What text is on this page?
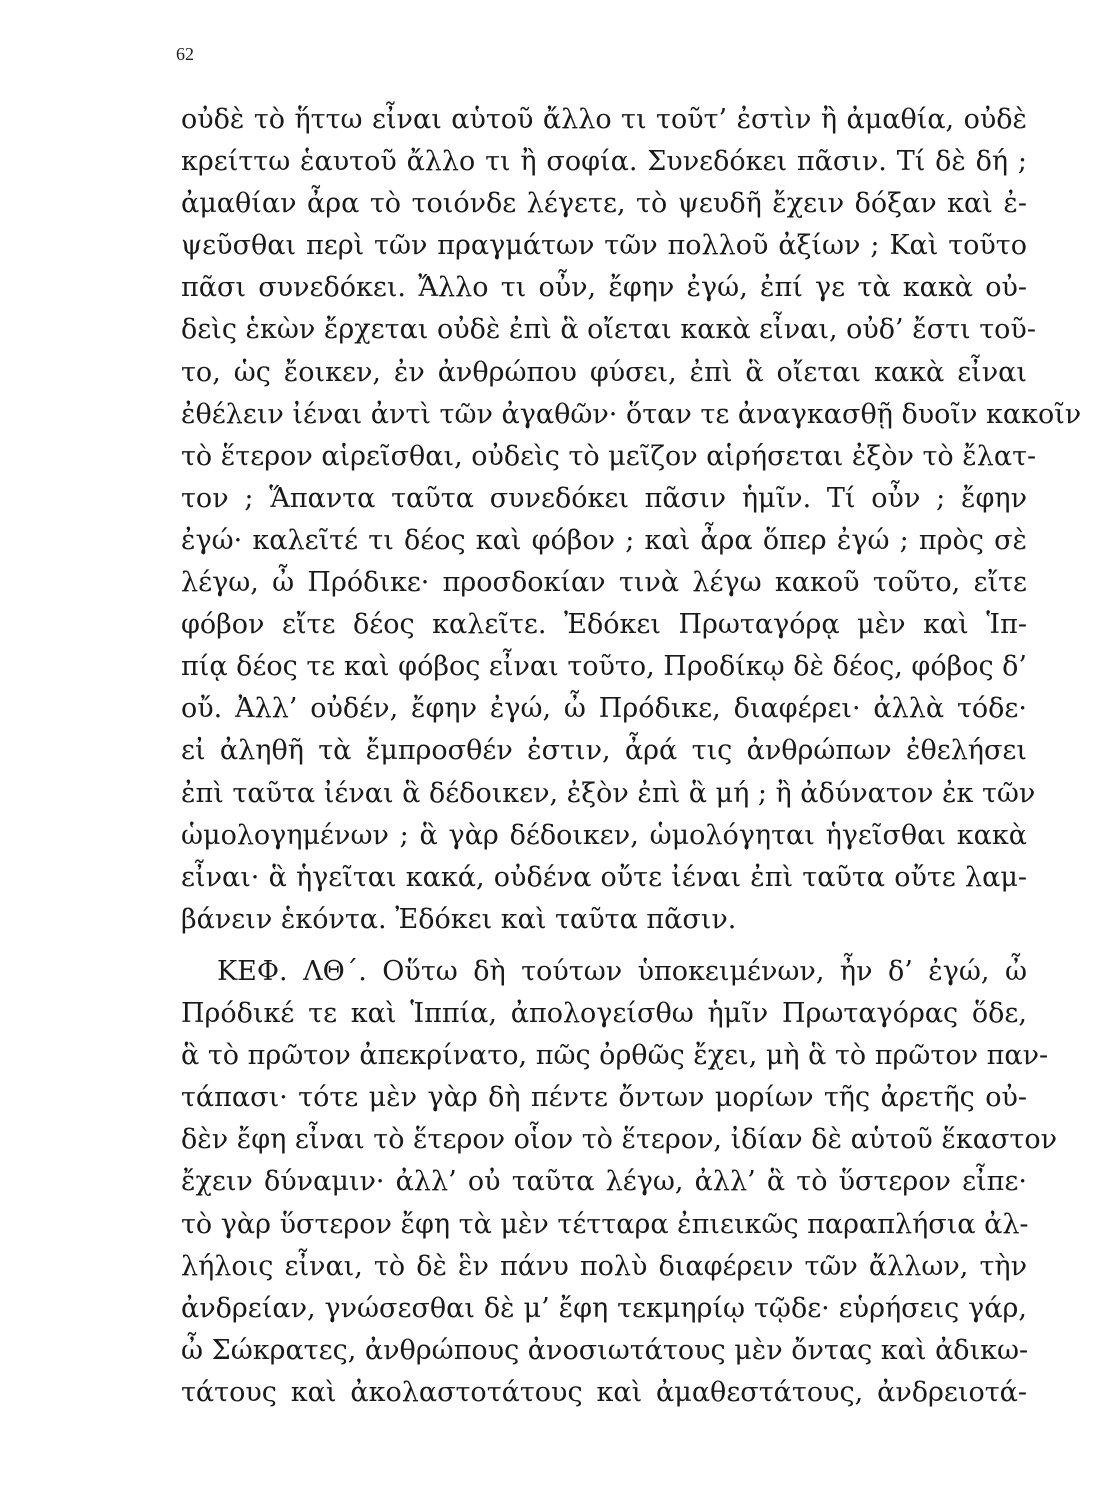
62
οὐδὲ τὸ ἥττω εἶναι αὑτοῦ ἄλλο τι τοῦτ’ ἐστὶν ἢ ἀμαθία, οὐδὲ
κρείττω ἑαυτοῦ ἄλλο τι ἢ σοφία. Συνεδόκει πᾶσιν. Τί δὲ δή ;
ἀμαθίαν ἆρα τὸ τοιόνδε λέγετε, τὸ ψευδῆ ἔχειν δόξαν καὶ ἐ-
ψεῦσθαι περὶ τῶν πραγμάτων τῶν πολλοῦ ἀξίων ; Καὶ τοῦτο
πᾶσι συνεδόκει. Ἄλλο τι οὖν, ἔφην ἐγώ, ἐπί γε τὰ κακὰ οὐ-
δεὶς ἑκὼν ἔρχεται οὐδὲ ἐπὶ ἃ οἴεται κακὰ εἶναι, οὐδ’ ἔστι τοῦ-
το, ὡς ἔοικεν, ἐν ἀνθρώπου φύσει, ἐπὶ ἃ οἴεται κακὰ εἶναι
ἐθέλειν ἰέναι ἀντὶ τῶν ἀγαθῶν· ὅταν τε ἀναγκασθῇ δυοῖν κακοῖν
τὸ ἕτερον αἱρεῖσθαι, οὐδεὶς τὸ μεῖζον αἱρήσεται ἐξὸν τὸ ἔλατ-
τον ; Ἅπαντα ταῦτα συνεδόκει πᾶσιν ἡμῖν. Τί οὖν ; ἔφην
ἐγώ· καλεῖτέ τι δέος καὶ φόβον ; καὶ ἆρα ὅπερ ἐγώ ; πρὸς σὲ
λέγω, ὦ Πρόδικε· προσδοκίαν τινὰ λέγω κακοῦ τοῦτο, εἴτε
φόβον εἴτε δέος καλεῖτε. Ἐδόκει Πρωταγόρᾳ μὲν καὶ Ἱπ-
πίᾳ δέος τε καὶ φόβος εἶναι τοῦτο, Προδίκῳ δὲ δέος, φόβος δ’
οὔ. Ἀλλ’ οὐδέν, ἔφην ἐγώ, ὦ Πρόδικε, διαφέρει· ἀλλὰ τόδε·
εἰ ἀληθῆ τὰ ἔμπροσθέν ἐστιν, ἆρά τις ἀνθρώπων ἐθελήσει
ἐπὶ ταῦτα ἰέναι ἃ δέδοικεν, ἐξὸν ἐπὶ ἃ μή ; ἢ ἀδύνατον ἐκ τῶν
ὡμολογημένων ; ἃ γὰρ δέδοικεν, ὡμολόγηται ἡγεῖσθαι κακὰ
εἶναι· ἃ ἡγεῖται κακά, οὐδένα οὔτε ἰέναι ἐπὶ ταῦτα οὔτε λαμ-
βάνειν ἑκόντα. Ἐδόκει καὶ ταῦτα πᾶσιν.
ΚΕΦ. ΛΘ΄. Οὕτω δὴ τούτων ὑποκειμένων, ἦν δ’ ἐγώ, ὦ
Πρόδικέ τε καὶ Ἱππία, ἀπολογείσθω ἡμῖν Πρωταγόρας ὅδε,
ἃ τὸ πρῶτον ἀπεκρίνατο, πῶς ὀρθῶς ἔχει, μὴ ἃ τὸ πρῶτον παν-
τάπασι· τότε μὲν γὰρ δὴ πέντε ὄντων μορίων τῆς ἀρετῆς οὐ-
δὲν ἔφη εἶναι τὸ ἕτερον οἷον τὸ ἕτερον, ἰδίαν δὲ αὑτοῦ ἕκαστον
ἔχειν δύναμιν· ἀλλ’ οὐ ταῦτα λέγω, ἀλλ’ ἃ τὸ ὕστερον εἶπε·
τὸ γὰρ ὕστερον ἔφη τὰ μὲν τέτταρα ἐπιεικῶς παραπλήσια ἀλ-
λήλοις εἶναι, τὸ δὲ ἓν πάνυ πολὺ διαφέρειν τῶν ἄλλων, τὴν
ἀνδρείαν, γνώσεσθαι δὲ μ’ ἔφη τεκμηρίῳ τῷδε· εὑρήσεις γάρ,
ὦ Σώκρατες, ἀνθρώπους ἀνοσιωτάτους μὲν ὄντας καὶ ἀδικω-
τάτους καὶ ἀκολαστοτάτους καὶ ἀμαθεστάτους, ἀνδρειοτά-
